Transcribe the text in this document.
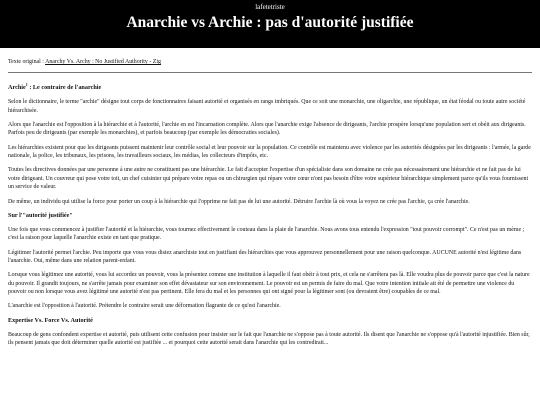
lafetetriste
Anarchie vs Archie : pas d'autorité justifiée
Texte original : Anarchy Vs. Archy : No Justified Authority - Zig
Archie$^1$ : Le contraire de l'anarchie

Selon le dictionnaire, le terme "archie" désigne tout corps de fonctionnaires faisant autorité et organisés en rangs imbriqués. Que ce soit une monarchie, une oligarchie, une république, un état féodal ou toute autre société hiérarchisée.

Alors que l'anarchie est l'opposition à la hiérarchie et à l'autorité, l'archie en est l'incarnation complète. Alors que l'anarchie exige l'absence de dirigeants, l'archie prospère lorsqu'une population sert et obéit aux dirigeants. Parfois peu de dirigeants (par exemple les monarchies), et parfois beaucoup (par exemple les démocraties sociales).

Les hiérarchies existent pour que les dirigeants puissent maintenir leur contrôle social et leur pouvoir sur la population. Ce contrôle est maintenu avec violence par les autorités désignées par les dirigeants : l'armée, la garde nationale, la police, les tribunaux, les prisons, les travailleurs sociaux, les médias, les collecteurs d'impôts, etc.

Toutes les directives données par une personne à une autre ne constituent pas une hiérarchie. Le fait d'accepter l'expertise d'un spécialiste dans son domaine ne crée pas nécessairement une hiérarchie et ne fait pas de lui votre dirigeant. Un couvreur qui pose votre toit, un chef cuisinier qui prépare votre repas ou un chirurgien qui répare votre cœur n'ont pas besoin d'être votre supérieur hiérarchique simplement parce qu'ils vous fournissent un service de valeur.

De même, un individu qui utilise la force pour porter un coup à la hiérarchie qui l'opprime ne fait pas de lui une autorité. Détruire l'archie là où vous la voyez ne crée pas l'archie, ça crée l'anarchie.

Sur l'"autorité justifiée"

Une fois que vous commencez à justifier l'autorité et la hiérarchie, vous tournez effectivement le couteau dans la plaie de l'anarchie. Nous avons tous entendu l'expression "tout pouvoir corrompt". Ce n'est pas un mème ; c'est la raison pour laquelle l'anarchie existe en tant que pratique.

Légitimer l'autorité permet l'archie. Peu importe que vous vous disiez anarchiste tout en justifiant des hiérarchies que vous approuvez personnellement pour une raison quelconque. AUCUNE autorité n'est légitime dans l'anarchie. Oui, même dans une relation parent-enfant.

Lorsque vous légitimez une autorité, vous lui accordez un pouvoir, vous la présentez comme une institution à laquelle il faut obéir à tout prix, et cela ne s'arrêtera pas là. Elle voudra plus de pouvoir parce que c'est la nature du pouvoir. Il grandit toujours, ne s'arrête jamais pour examiner son effet dévastateur sur son environnement. Le pouvoir est un permis de faire du mal. Que votre intention initiale ait été de permettre une violence du pouvoir ou non lorsque vous avez légitimé une autorité n'est pas pertinent. Elle fera du mal et les personnes qui ont signé pour la légitimer sont (ou devraient être) coupables de ce mal.

L'anarchie est l'opposition à l'autorité. Prétendre le contraire serait une déformation flagrante de ce qu'est l'anarchie.

Expertise Vs. Force Vs. Autorité

Beaucoup de gens confondent expertise et autorité, puis utilisent cette confusion pour insister sur le fait que l'anarchie ne s'oppose pas à toute autorité. Ils disent que l'anarchie ne s'oppose qu'à l'autorité injustifiée. Bien sûr, ils pensent jamais que doit déterminer quelle autorité est justifiée ... et pourquoi cette autorité serait dans l'anarchie qui les contredirait...
